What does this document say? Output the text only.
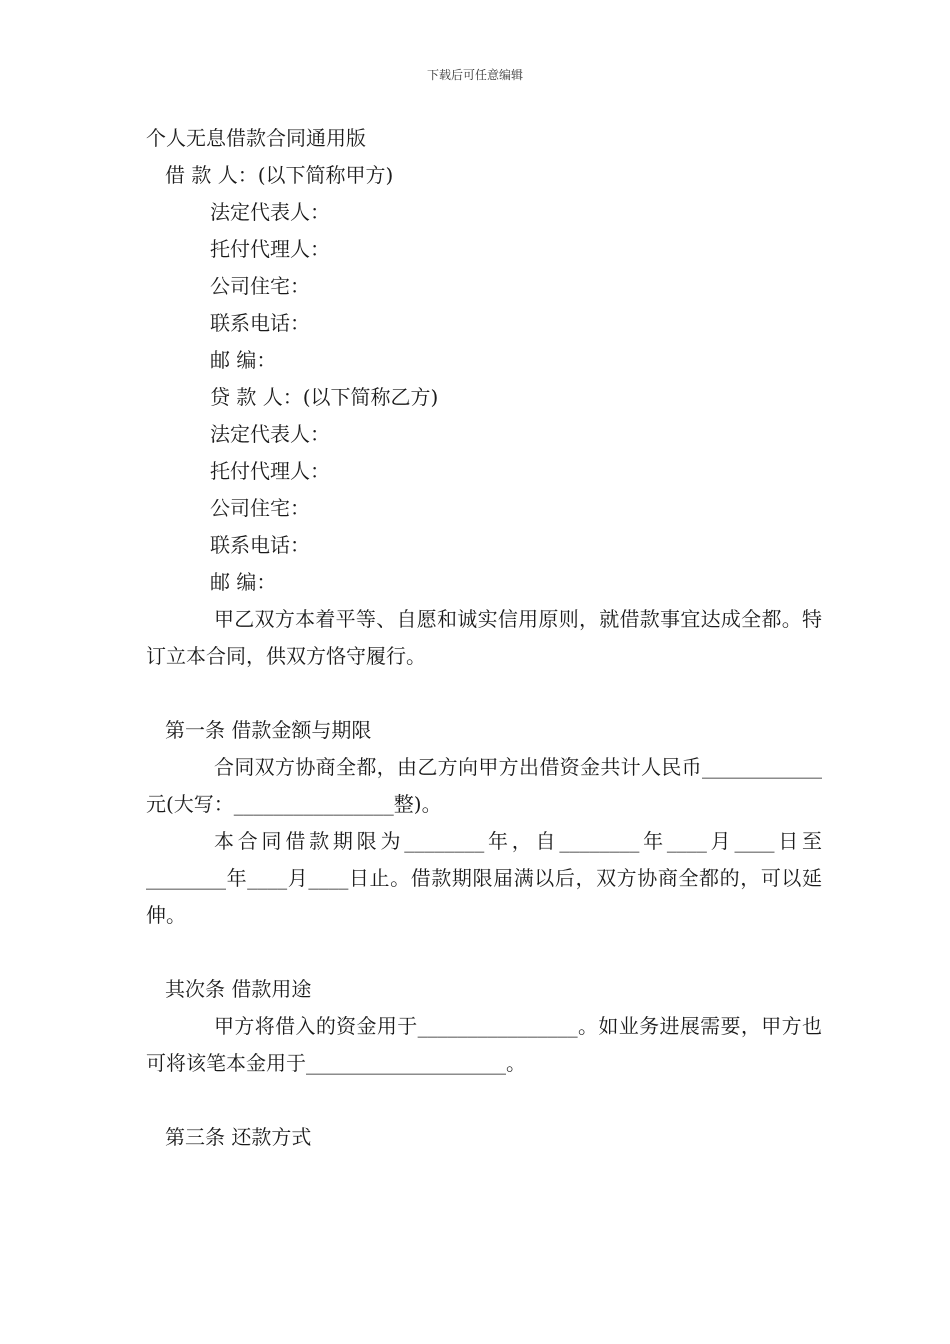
下载后可任意编辑

个人无息借款合同通用版

借 款 人：(以下简称甲方)

法定代表人：

托付代理人：

公司住宅：

联系电话：

邮 编：

贷 款 人：(以下简称乙方)

法定代表人：

托付代理人：

公司住宅：

联系电话：

邮 编：

甲乙双方本着平等、自愿和诚实信用原则，就借款事宜达成全都。特订立本合同，供双方恪守履行。

第一条 借款金额与期限

合同双方协商全都，由乙方向甲方出借资金共计人民币____________元(大写：________________整)。

本合同借款期限为________年，自________年____月____日至________年____月____日止。借款期限届满以后，双方协商全都的，可以延伸。

其次条 借款用途

甲方将借入的资金用于________________。如业务进展需要，甲方也可将该笔本金用于____________________。

第三条 还款方式
